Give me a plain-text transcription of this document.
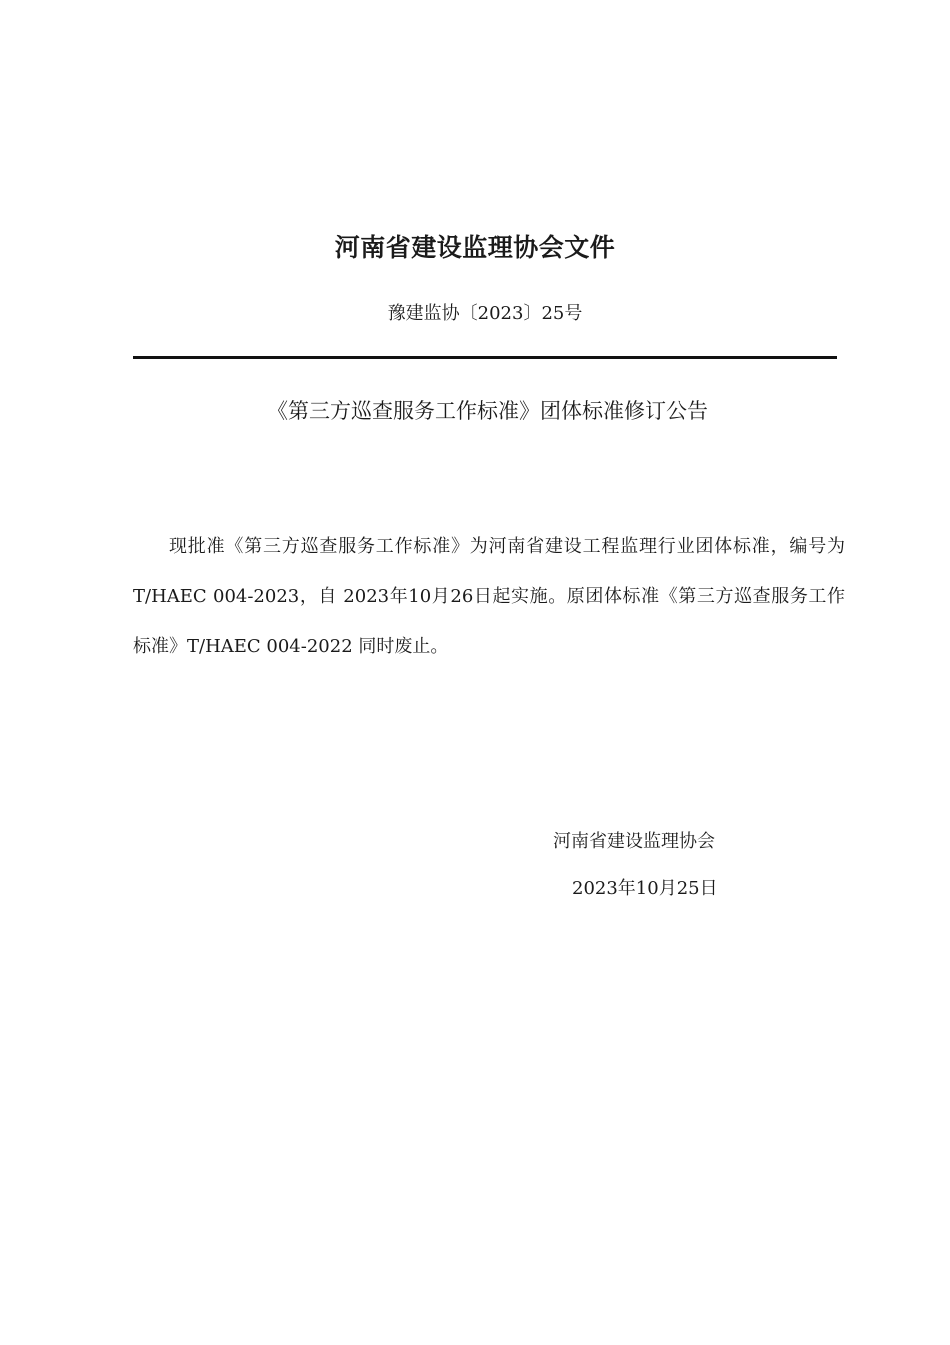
河南省建设监理协会文件
豫建监协〔2023〕25号
《第三方巡查服务工作标准》团体标准修订公告

现批准《第三方巡查服务工作标准》为河南省建设工程监理行业团体标准，编号为 T/HAEC 004-2023，自 2023年10月26日起实施。原团体标准《第三方巡查服务工作标准》T/HAEC 004-2022 同时废止。

河南省建设监理协会
2023年10月25日
